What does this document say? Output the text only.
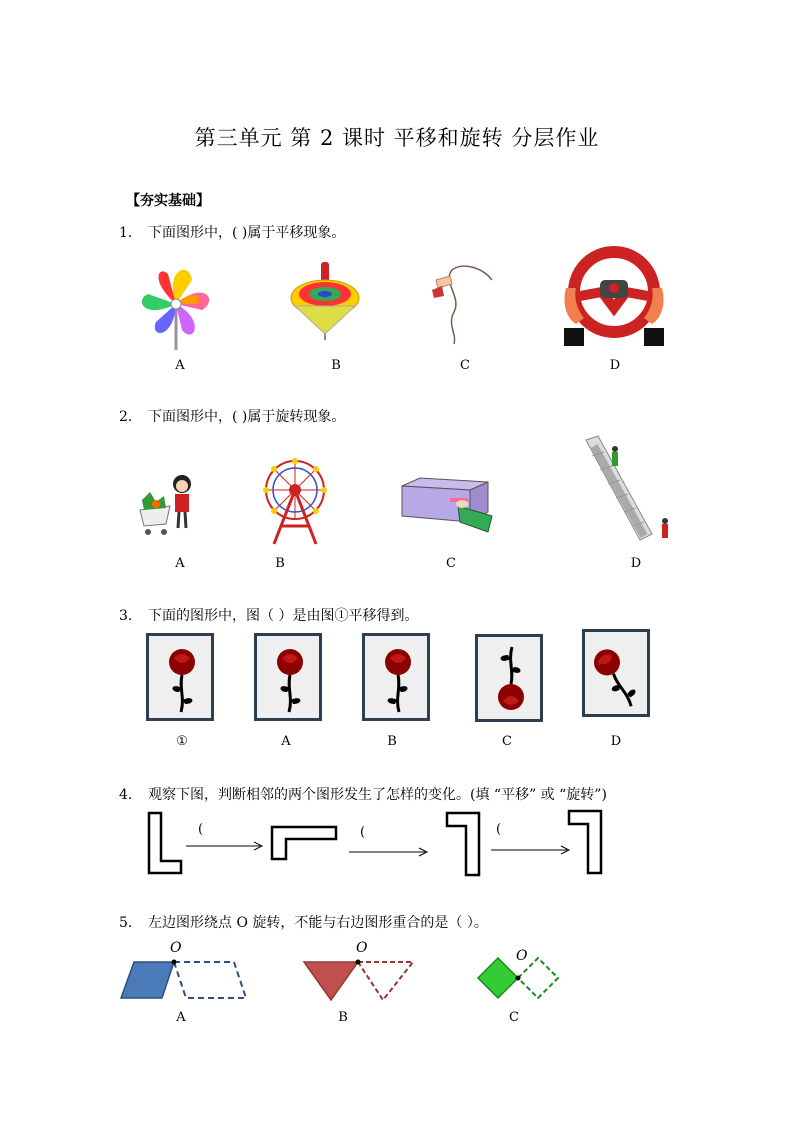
第三单元 第 2 课时 平移和旋转 分层作业
【夯实基础】
1. 下面图形中，( )属于平移现象。
A	B	C	D
2. 下面图形中，( )属于旋转现象。
A	B	C	D
3. 下面的图形中，图（ ）是由图①平移得到。
①	A	B	C	D
4. 观察下图，判断相邻的两个图形发生了怎样的变化。(填 “平移” 或 “旋转”)
(	(	(
5. 左边图形绕点 O 旋转，不能与右边图形重合的是（ ）。
O	O	O
A	B	C
